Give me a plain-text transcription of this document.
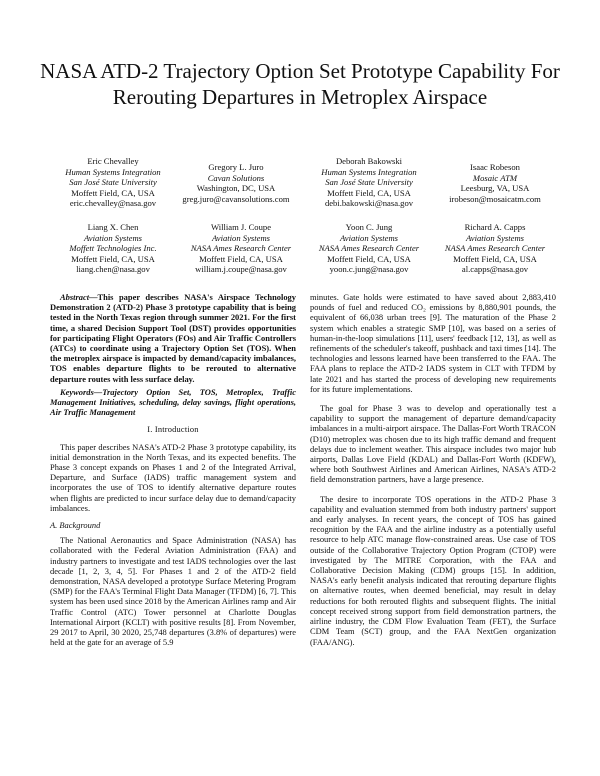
NASA ATD-2 Trajectory Option Set Prototype Capability For Rerouting Departures in Metroplex Airspace
Eric Chevalley
Human Systems Integration
San José State University
Moffett Field, CA, USA
eric.chevalley@nasa.gov
Gregory L. Juro
Cavan Solutions
Washington, DC, USA
greg.juro@cavansolutions.com
Deborah Bakowski
Human Systems Integration
San José State University
Moffett Field, CA, USA
debi.bakowski@nasa.gov
Isaac Robeson
Mosaic ATM
Leesburg, VA, USA
irobeson@mosaicatm.com
Liang X. Chen
Aviation Systems
Moffett Technologies Inc.
Moffett Field, CA, USA
liang.chen@nasa.gov
William J. Coupe
Aviation Systems
NASA Ames Research Center
Moffett Field, CA, USA
william.j.coupe@nasa.gov
Yoon C. Jung
Aviation Systems
NASA Ames Research Center
Moffett Field, CA, USA
yoon.c.jung@nasa.gov
Richard A. Capps
Aviation Systems
NASA Ames Research Center
Moffett Field, CA, USA
al.capps@nasa.gov

Abstract—This paper describes NASA's Airspace Technology Demonstration 2 (ATD-2) Phase 3 prototype capability that is being tested in the North Texas region through summer 2021. For the first time, a shared Decision Support Tool (DST) provides opportunities for participating Flight Operators (FOs) and Air Traffic Controllers (ATCs) to coordinate using a Trajectory Option Set (TOS). When the metroplex airspace is impacted by demand/capacity imbalances, TOS enables departure flights to be rerouted to alternative departure routes with less surface delay.

Keywords—Trajectory Option Set, TOS, Metroplex, Traffic Management Initiatives, scheduling, delay savings, flight operations, Air Traffic Management

I. Introduction

This paper describes NASA's ATD-2 Phase 3 prototype capability, its initial demonstration in the North Texas, and its expected benefits. The Phase 3 concept expands on Phases 1 and 2 of the Integrated Arrival, Departure, and Surface (IADS) traffic management system and incorporates the use of TOS to identify alternative departure routes when flights are predicted to incur surface delay due to demand/capacity imbalances.

A. Background

The National Aeronautics and Space Administration (NASA) has collaborated with the Federal Aviation Administration (FAA) and industry partners to investigate and test IADS technologies over the last decade [1, 2, 3, 4, 5]. For Phases 1 and 2 of the ATD-2 field demonstration, NASA developed a prototype Surface Metering Program (SMP) for the FAA's Terminal Flight Data Manager (TFDM) [6, 7]. This system has been used since 2018 by the American Airlines ramp and Air Traffic Control (ATC) Tower personnel at Charlotte Douglas International Airport (KCLT) with positive results [8]. From November, 29 2017 to April, 30 2020, 25,748 departures (3.8% of departures) were held at the gate for an average of 5.9

minutes. Gate holds were estimated to have saved about 2,883,410 pounds of fuel and reduced CO₂ emissions by 8,880,901 pounds, the equivalent of 66,038 urban trees [9]. The maturation of the Phase 2 system which enables a strategic SMP [10], was based on a series of human-in-the-loop simulations [11], users' feedback [12, 13], as well as refinements of the scheduler's takeoff, pushback and taxi times [14]. The technologies and lessons learned have been transferred to the FAA. The FAA plans to replace the ATD-2 IADS system in CLT with TFDM by late 2021 and has started the process of developing new requirements for its future implementations.

The goal for Phase 3 was to develop and operationally test a capability to support the management of departure demand/capacity imbalances in a multi-airport airspace. The Dallas-Fort Worth TRACON (D10) metroplex was chosen due to its high traffic demand and frequent delays due to inclement weather. This airspace includes two major hub airports, Dallas Love Field (KDAL) and Dallas-Fort Worth (KDFW), where both Southwest Airlines and American Airlines, NASA's ATD-2 field demonstration partners, have a large presence.

The desire to incorporate TOS operations in the ATD-2 Phase 3 capability and evaluation stemmed from both industry partners' support and early analyses. In recent years, the concept of TOS has gained recognition by the FAA and the airline industry as a potentially useful resource to help ATC manage flow-constrained areas. Use case of TOS outside of the Collaborative Trajectory Option Program (CTOP) were investigated by The MITRE Corporation, with the FAA and Collaborative Decision Making (CDM) groups [15]. In addition, NASA's early benefit analysis indicated that rerouting departure flights on alternative routes, when deemed beneficial, may result in delay reductions for both rerouted flights and subsequent flights. The initial concept received strong support from field demonstration partners, the airline industry, the CDM Flow Evaluation Team (FET), the Surface CDM Team (SCT) group, and the FAA NextGen organization (FAA/ANG).
